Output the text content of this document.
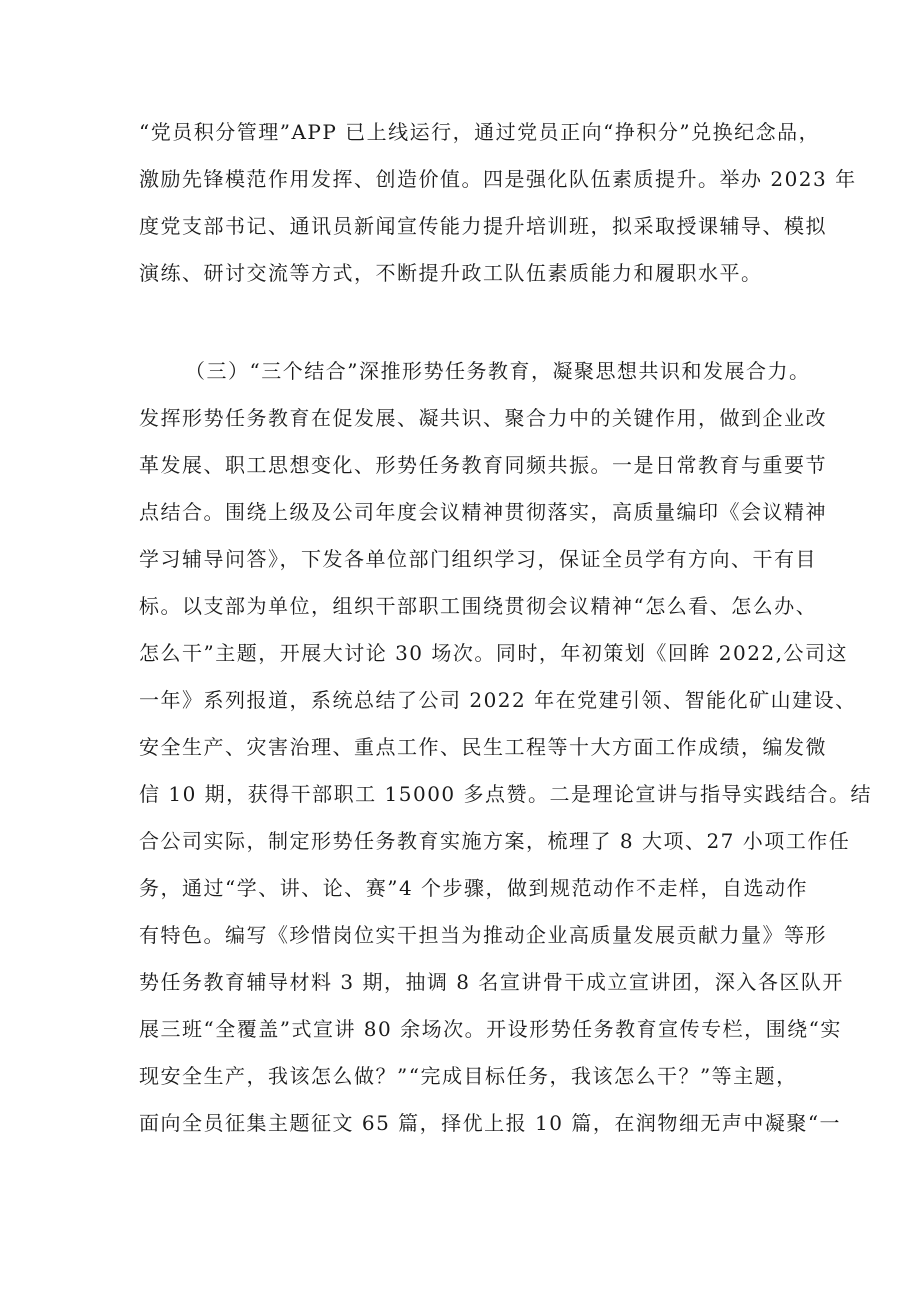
“党员积分管理”APP 已上线运行，通过党员正向“挣积分”兑换纪念品，
激励先锋模范作用发挥、创造价值。四是强化队伍素质提升。举办 2023 年
度党支部书记、通讯员新闻宣传能力提升培训班，拟采取授课辅导、模拟
演练、研讨交流等方式，不断提升政工队伍素质能力和履职水平。
（三）“三个结合”深推形势任务教育，凝聚思想共识和发展合力。
发挥形势任务教育在促发展、凝共识、聚合力中的关键作用，做到企业改
革发展、职工思想变化、形势任务教育同频共振。一是日常教育与重要节
点结合。围绕上级及公司年度会议精神贯彻落实，高质量编印《会议精神
学习辅导问答》，下发各单位部门组织学习，保证全员学有方向、干有目
标。以支部为单位，组织干部职工围绕贯彻会议精神“怎么看、怎么办、
怎么干”主题，开展大讨论 30 场次。同时，年初策划《回眸 2022,公司这
一年》系列报道，系统总结了公司 2022 年在党建引领、智能化矿山建设、
安全生产、灾害治理、重点工作、民生工程等十大方面工作成绩，编发微
信 10 期，获得干部职工 15000 多点赞。二是理论宣讲与指导实践结合。结
合公司实际，制定形势任务教育实施方案，梳理了 8 大项、27 小项工作任
务，通过“学、讲、论、赛”4 个步骤，做到规范动作不走样，自选动作
有特色。编写《珍惜岗位实干担当为推动企业高质量发展贡献力量》等形
势任务教育辅导材料 3 期，抽调 8 名宣讲骨干成立宣讲团，深入各区队开
展三班“全覆盖”式宣讲 80 余场次。开设形势任务教育宣传专栏，围绕“实
现安全生产，我该怎么做？”“完成目标任务，我该怎么干？”等主题，
面向全员征集主题征文 65 篇，择优上报 10 篇，在润物细无声中凝聚“一
